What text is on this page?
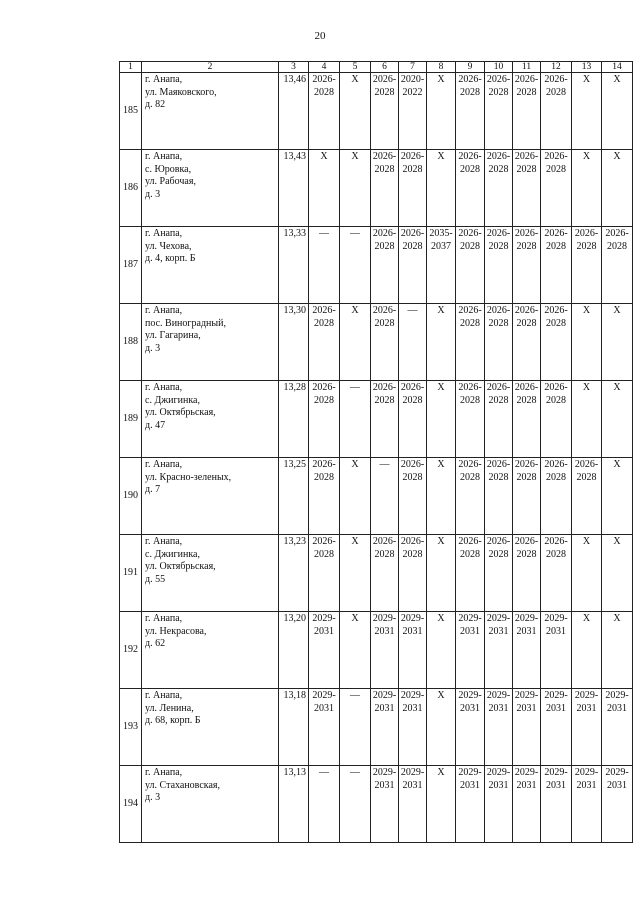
20
1	2	3	4	5	6	7	8	9	10	11	12	13	14
185	г. Анапа,
ул. Маяковского,
д. 82	13,46	2026-
2028	Х	2026-
2028	2020-
2022	Х	2026-
2028	2026-
2028	2026-
2028	2026-
2028	Х	Х

186	г. Анапа,
с. Юровка,
ул. Рабочая,
д. 3	13,43	Х	Х	2026-
2028	2026-
2028	Х	2026-
2028	2026-
2028	2026-
2028	2026-
2028	Х	Х

187	г. Анапа,
ул. Чехова,
д. 4, корп. Б	13,33	—	—	2026-
2028	2026-
2028	2035-
2037	2026-
2028	2026-
2028	2026-
2028	2026-
2028	2026-
2028	2026-
2028

188	г. Анапа,
пос. Виноградный,
ул. Гагарина,
д. 3	13,30	2026-
2028	Х	2026-
2028	—	Х	2026-
2028	2026-
2028	2026-
2028	2026-
2028	Х	Х

189	г. Анапа,
с. Джигинка,
ул. Октябрьская,
д. 47	13,28	2026-
2028	—	2026-
2028	2026-
2028	Х	2026-
2028	2026-
2028	2026-
2028	2026-
2028	Х	Х

190	г. Анапа,
ул. Красно-зеленых,
д. 7	13,25	2026-
2028	Х	—	2026-
2028	Х	2026-
2028	2026-
2028	2026-
2028	2026-
2028	2026-
2028	Х

191	г. Анапа,
с. Джигинка,
ул. Октябрьская,
д. 55	13,23	2026-
2028	Х	2026-
2028	2026-
2028	Х	2026-
2028	2026-
2028	2026-
2028	2026-
2028	Х	Х

192	г. Анапа,
ул. Некрасова,
д. 62	13,20	2029-
2031	Х	2029-
2031	2029-
2031	Х	2029-
2031	2029-
2031	2029-
2031	2029-
2031	Х	Х

193	г. Анапа,
ул. Ленина,
д. 68, корп. Б	13,18	2029-
2031	—	2029-
2031	2029-
2031	Х	2029-
2031	2029-
2031	2029-
2031	2029-
2031	2029-
2031	2029-
2031

194	г. Анапа,
ул. Стахановская,
д. 3	13,13	—	—	2029-
2031	2029-
2031	Х	2029-
2031	2029-
2031	2029-
2031	2029-
2031	2029-
2031	2029-
2031
